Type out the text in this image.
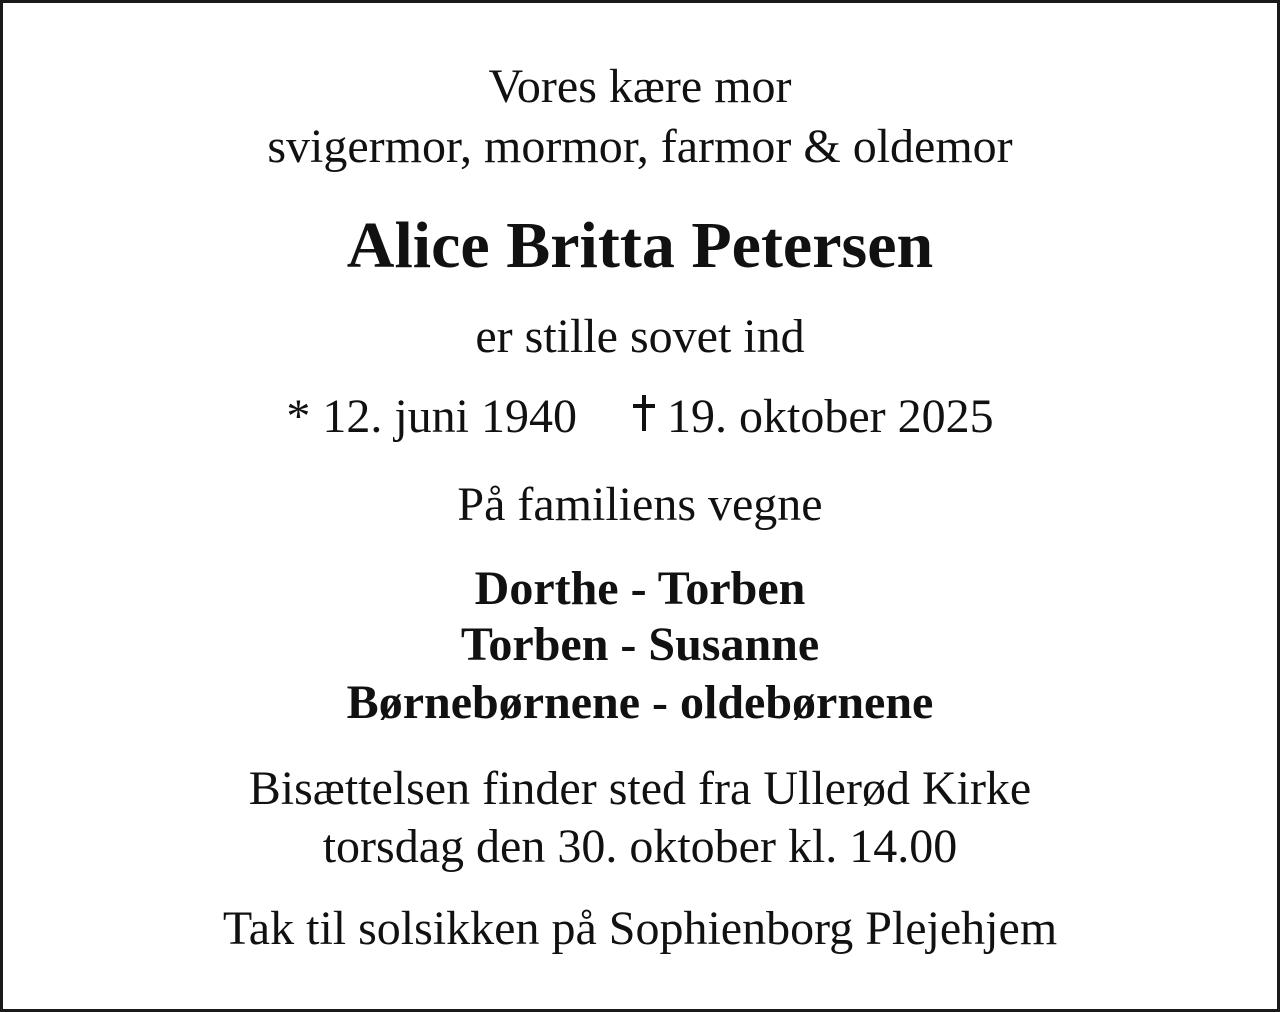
Vores kære mor
svigermor, mormor, farmor & oldemor
Alice Britta Petersen
er stille sovet ind
* 12. juni 1940 19. oktober 2025
På familiens vegne
Dorthe - Torben
Torben - Susanne
Børnebørnene - oldebørnene
Bisættelsen finder sted fra Ullerød Kirke
torsdag den 30. oktober kl. 14.00
Tak til solsikken på Sophienborg Plejehjem
